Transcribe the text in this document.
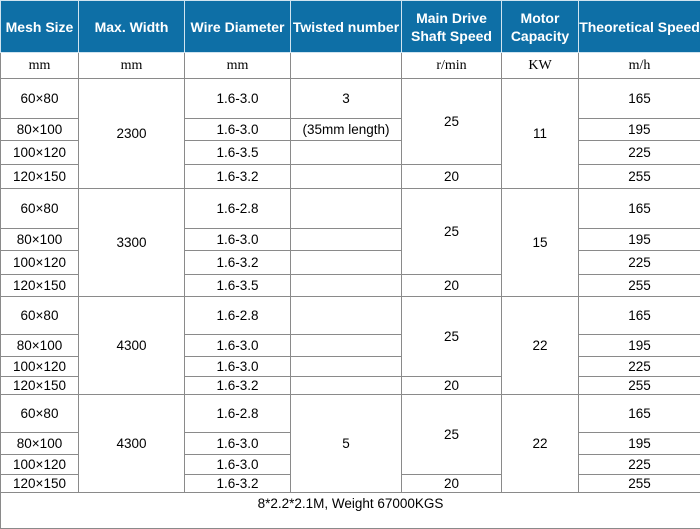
Mesh Size	Max. Width	Wire Diameter	Twisted number	Main Drive Shaft Speed	Motor Capacity	Theoretical Speed
mm	mm	mm		r/min	KW	m/h
60×80	2300	1.6-3.0	3	25	11	165
80×100		1.6-3.0	(35mm length)			195
100×120		1.6-3.5				225
120×150		1.6-3.2		20		255
60×80	3300	1.6-2.8		25	15	165
80×100		1.6-3.0				195
100×120		1.6-3.2				225
120×150		1.6-3.5		20		255
60×80	4300	1.6-2.8		25	22	165
80×100		1.6-3.0				195
100×120		1.6-3.0				225
120×150		1.6-3.2		20		255
60×80	4300	1.6-2.8	5	25	22	165
80×100		1.6-3.0				195
100×120		1.6-3.0				225
120×150		1.6-3.2		20		255
8*2.2*2.1M, Weight 67000KGS						
